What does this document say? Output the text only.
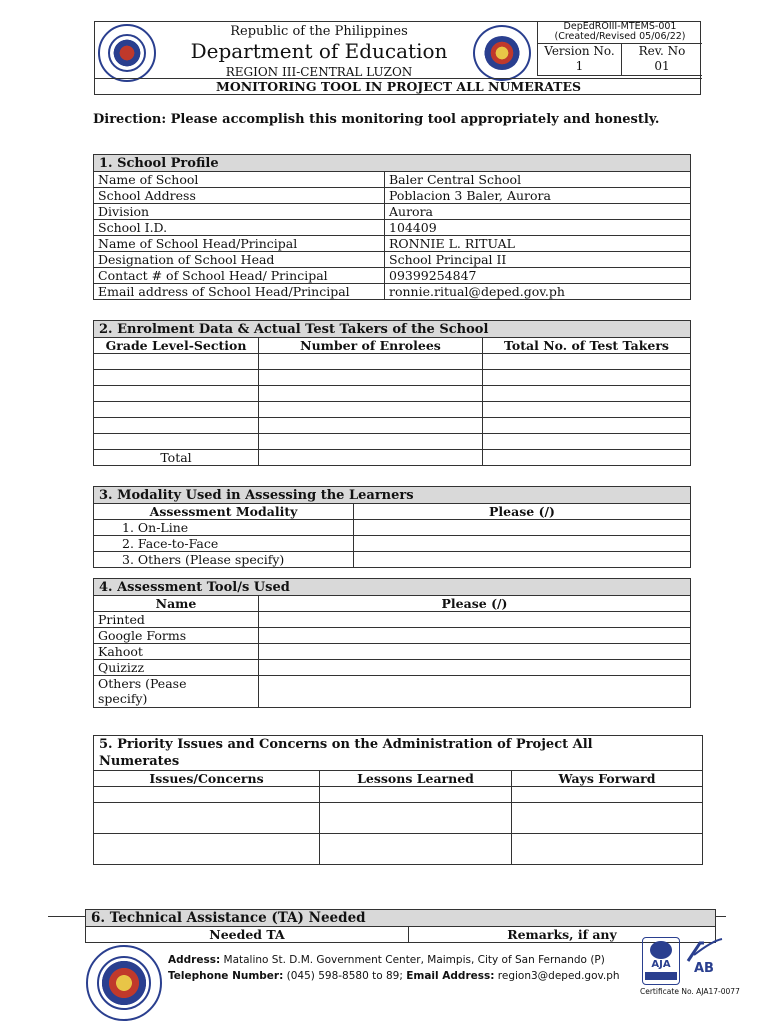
Republic of the Philippines
Department of Education
REGION III-CENTRAL LUZON
DepEdROIII-MTEMS-001
(Created/Revised 05/06/22)
Version No.
1
Rev. No
01
MONITORING TOOL IN PROJECT ALL NUMERATES
Direction: Please accomplish this monitoring tool appropriately and honestly.
1. School Profile	
Name of School	Baler Central School
School Address	Poblacion 3 Baler, Aurora
Division	Aurora
School I.D.	104409
Name of School Head/Principal	RONNIE L. RITUAL
Designation of School Head	School Principal II
Contact # of School Head/ Principal	09399254847
Email address of School Head/Principal	ronnie.ritual@deped.gov.ph
2. Enrolment Data & Actual Test Takers of the School		
Grade Level-Section	Number of Enrolees	Total No. of Test Takers

Total		
3. Modality Used in Assessing the Learners	
Assessment Modality	Please (/)
1. On-Line	
2. Face-to-Face	
3. Others (Please specify)	
4. Assessment Tool/s Used	
Name	Please (/)
Printed	
Google Forms	
Kahoot	
Quizizz	

Others (Pease
specify)	

5. Priority Issues and Concerns on the Administration of Project All
Numerates		

Issues/Concerns	Lessons Learned	Ways Forward

6. Technical Assistance (TA) Needed
Needed TA	Remarks, if any
Address: Matalino St. D.M. Government Center, Maimpis, City of San Fernando (P)
Telephone Number: (045) 598-8580 to 89; Email Address: region3@deped.gov.ph
AJA	AB
Certificate No. AJA17-0077
